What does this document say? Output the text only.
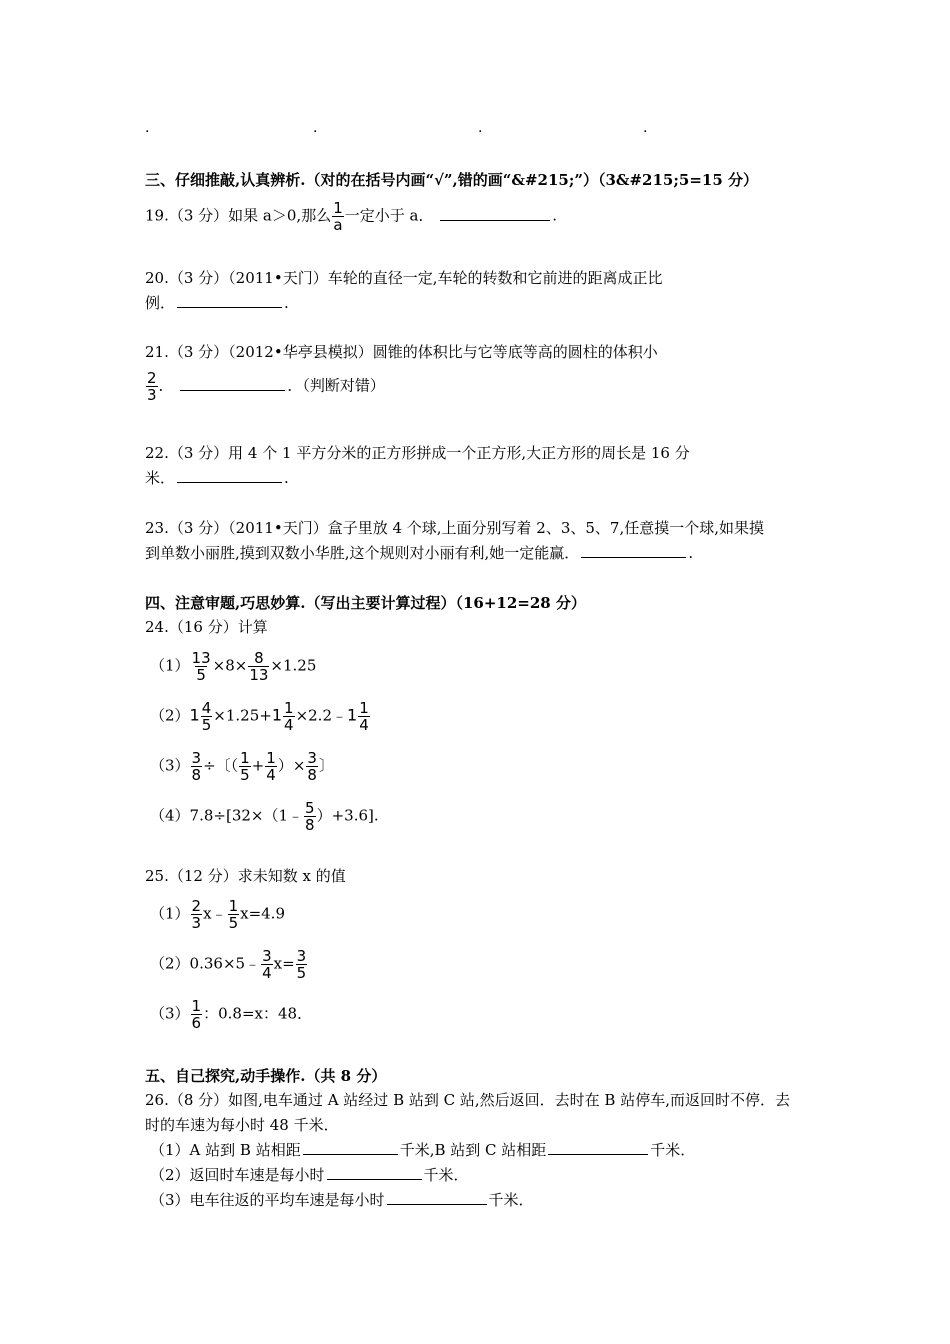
.	.	.	.
三、仔细推敲,认真辨析.（对的在括号内画“√”,错的画“&#215;”）（3&#215;5=15 分）
19.（3 分）如果 a＞0,那么 $\frac{1}{a}$ 一定小于 a．	.
20.（3 分）（2011•天门）车轮的直径一定,车轮的转数和它前进的距离成正比
例．	.
21.（3 分）（2012•华亭县模拟）圆锥的体积比与它等底等高的圆柱的体积小
$\frac{2}{3}$ ．	．（判断对错）
22.（3 分）用 4 个 1 平方分米的正方形拼成一个正方形,大正方形的周长是 16 分
米．	.
23.（3 分）（2011•天门）盒子里放 4 个球,上面分别写着 2、3、5、7,任意摸一个球,如果摸
到单数小丽胜,摸到双数小华胜,这个规则对小丽有利,她一定能赢．	.
四、注意审题,巧思妙算.（写出主要计算过程）（16+12=28 分）
24.（16 分）计算
$(1) \frac{13}{5} \times 8\times \frac{8}{13} \times 1.25$
$(2)1 \frac{4}{5} \times 1.25+1 \frac{1}{4}$ ×2.2﹣1 $\frac{1}{4}$
$(3) \frac{3}{8}$ ÷〔（ $\frac{1}{5} + \frac{1}{4}$ ）× $\frac{3}{8}$ 〕
（4）7.8÷[32×（1﹣ $\frac{5}{8} )+3.6$].
25.（12 分）求未知数 x 的值
$(1) \frac{2}{3}$ x﹣ $\frac{1}{5} x=4.9$
（2）0.36×5﹣ $\frac{3}{4} x= \frac{3}{5}$
$(3) \frac{1}{6}$ ：0.8=x：48．
五、自己探究,动手操作.（共 8 分）
26.（8 分）如图,电车通过 A 站经过 B 站到 C 站,然后返回．去时在 B 站停车,而返回时不停．去
时的车速为每小时 48 千米．
（1）A 站到 B 站相距	千米,B 站到 C 站相距	千米．
（2）返回时车速是每小时	千米．
（3）电车往返的平均车速是每小时	千米．
